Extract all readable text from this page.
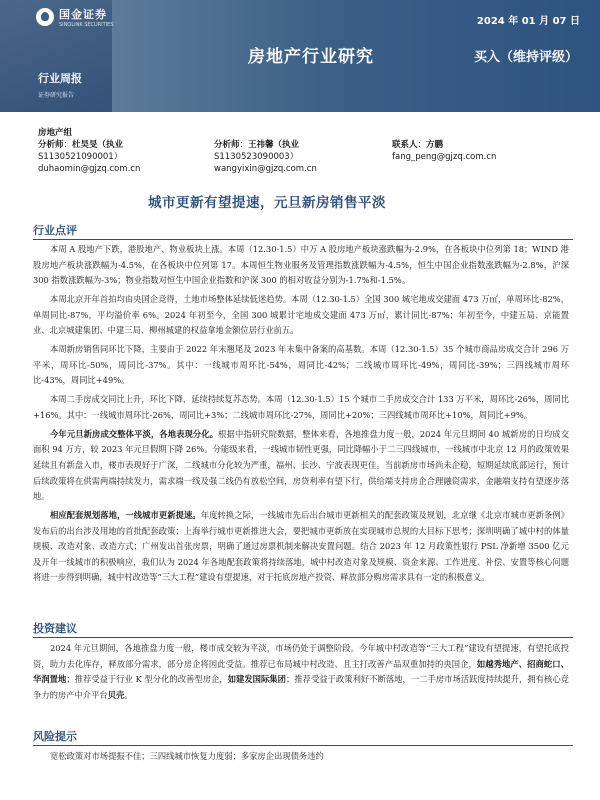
国金证券
SINOLINK SECURITIES	2024 年 01 月 07 日
房地产行业研究	买入（维持评级）
行业周报
证券研究报告
房地产组
分析师：杜昊旻（执业
S1130521090001）
duhaomin@gjzq.com.cn
分析师：王祎馨（执业
S1130523090003）
wangyixin@gjzq.com.cn
联系人：方鹏
fang_peng@gjzq.com.cn
城市更新有望提速，元旦新房销售平淡
行业点评

本周 A 股地产下跌，港股地产、物业板块上涨。本周（12.30-1.5）中万 A 股房地产板块涨跌幅为-2.9%，在各板块中位列第 18；WIND 港股房地产板块涨跌幅为-4.5%，在各板块中位列第 17。本周恒生物业服务及管理指数涨跌幅为-4.5%，恒生中国企业指数涨跌幅为-2.8%，沪深 300 指数涨跌幅为-3%；物业指数对恒生中国企业指数和沪深 300 的相对收益分别为-1.7%和-1.5%。

本周北京开年首拍均由央国企竞得，土地市场整体延续低迷趋势。本周（12.30-1.5）全国 300 城宅地成交建面 473 万㎡，单周环比-82%，单周同比-87%，平均溢价率 6%。2024 年初至今，全国 300 城累计宅地成交建面 473 万㎡，累计同比-87%；年初至今，中建五局、京能置业、北京城建集团、中建三局、柳州城建的权益拿地金额位居行业前五。

本周新房销售同环比下降，主要由于 2022 年末翘尾及 2023 年末集中备案的高基数。本周（12.30-1.5）35 个城市商品房成交合计 296 万平米，周环比-50%，周同比-37%。其中：一线城市周环比-54%，周同比-42%；二线城市周环比-49%，周同比-39%；三四线城市周环比-43%，周同比+49%。

本周二手房成交同比上升，环比下降，延续持续复苏态势。本周（12.30-1.5）15 个城市二手房成交合计 133 万平米，周环比-26%，周同比+16%。其中：一线城市周环比-26%，周同比+3%；二线城市周环比-27%，周同比+20%；三四线城市周环比+10%，周同比+9%。

今年元旦新房成交整体平淡，各地表现分化。根据中指研究院数据，整体来看，各地推盘力度一般，2024 年元旦期间 40 城新房的日均成交面积 94 万方，较 2023 年元旦假期下降 26%。分能级来看，一线城市韧性更强，同比降幅小于二三四线城市，一线城市中北京 12 月的政策效果延续且有新盘入市，楼市表现好于广深，二线城市分化较为严重，福州、长沙、宁波表现更佳。当前新房市场尚未企稳，短期延续底部运行，预计后续政策将在供需两端持续发力，需求端一线及强二线仍有放松空间，房贷利率有望下行，供给端支持房企合理融资需求，金融端支持有望逐步落地。

相应配套规划落地，一线城市更新提速。年度转换之际，一线城市先后出台城市更新相关的配套政策及规划，北京继《北京市城市更新条例》发布后的出台涉及用地的首批配套政策；上海举行城市更新推进大会，要把城市更新放在实现城市总规的大目标下思考；深圳明确了城中村的体量规模、改造对象、改造方式；广州发出首张房票，明确了通过房票机制来解决安置问题。结合 2023 年 12 月政策性银行 PSL 净新增 3500 亿元及开年一线城市的积极响应，我们认为 2024 年各地配套政策将持续落地，城中村改造对象及规模、资金来源、工作进度、补偿、安置等核心问题将进一步得到明确，城中村改造等“三大工程”建设有望提速，对于托底房地产投资、释放部分购房需求具有一定的积极意义。

投资建议

2024 年元旦期间，各地推盘力度一般，楼市成交较为平淡，市场仍处于调整阶段。今年城中村改造等“三大工程”建设有望提速，有望托底投资，助力去化库存，释放部分需求，部分房企将因此受益。推荐已布局城中村改造、且主打改善产品双重加持的央国企，如越秀地产、招商蛇口、华润置地；推荐受益于行业 K 型分化的改善型房企，如建发国际集团；推荐受益于政策利好不断落地，一二手房市场活跃度持续提升，拥有核心竞争力的房产中介平台贝壳。

风险提示

宽松政策对市场提振不佳；三四线城市恢复力度弱；多家房企出现债务违约
